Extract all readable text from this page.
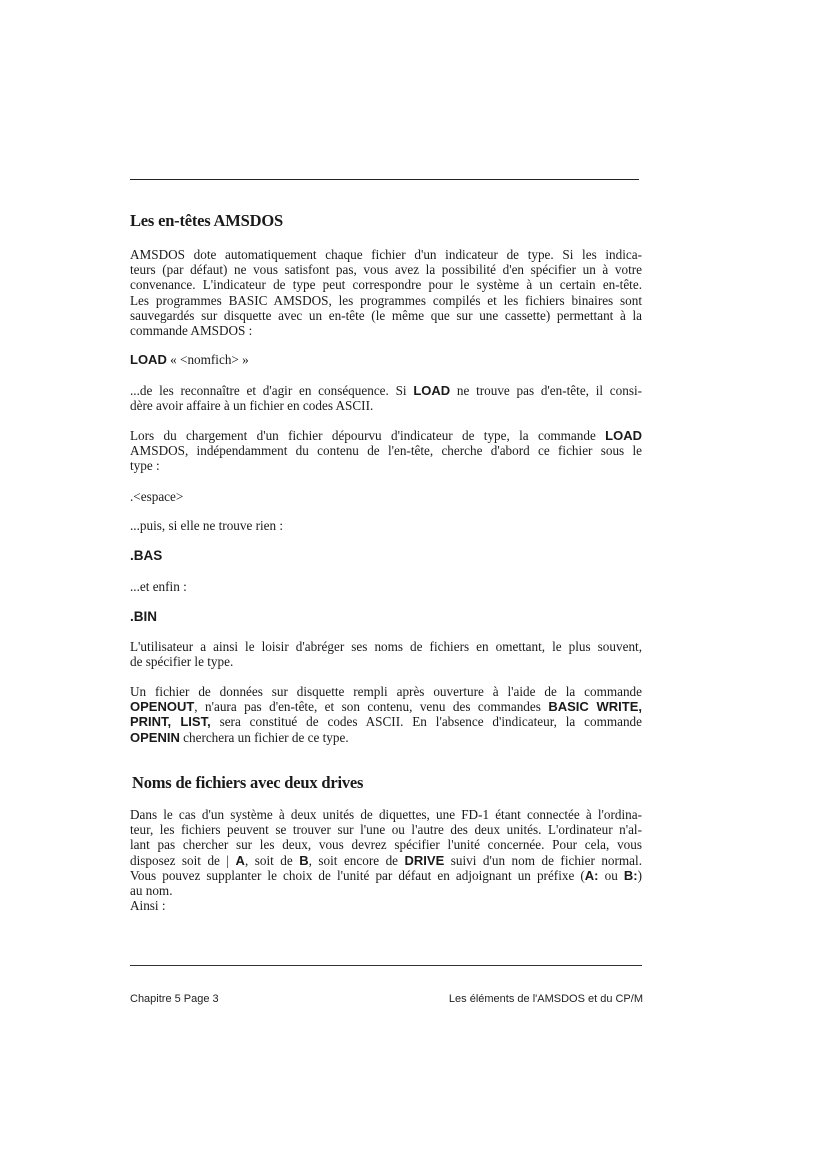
Les en-têtes AMSDOS
AMSDOS dote automatiquement chaque fichier d'un indicateur de type. Si les indica-
teurs (par défaut) ne vous satisfont pas, vous avez la possibilité d'en spécifier un à votre
convenance. L'indicateur de type peut correspondre pour le système à un certain en-tête.
Les programmes BASIC AMSDOS, les programmes compilés et les fichiers binaires sont
sauvegardés sur disquette avec un en-tête (le même que sur une cassette) permettant à la
commande AMSDOS :
LOAD « <nomfich> »
...de les reconnaître et d'agir en conséquence. Si LOAD ne trouve pas d'en-tête, il consi-
dère avoir affaire à un fichier en codes ASCII.
Lors du chargement d'un fichier dépourvu d'indicateur de type, la commande LOAD
AMSDOS, indépendamment du contenu de l'en-tête, cherche d'abord ce fichier sous le
type :
.<espace>
...puis, si elle ne trouve rien :
.BAS
...et enfin :
.BIN
L'utilisateur a ainsi le loisir d'abréger ses noms de fichiers en omettant, le plus souvent,
de spécifier le type.
Un fichier de données sur disquette rempli après ouverture à l'aide de la commande
OPENOUT, n'aura pas d'en-tête, et son contenu, venu des commandes BASIC WRITE,
PRINT, LIST, sera constitué de codes ASCII. En l'absence d'indicateur, la commande
OPENIN cherchera un fichier de ce type.
Noms de fichiers avec deux drives
Dans le cas d'un système à deux unités de diquettes, une FD-1 étant connectée à l'ordina-
teur, les fichiers peuvent se trouver sur l'une ou l'autre des deux unités. L'ordinateur n'al-
lant pas chercher sur les deux, vous devrez spécifier l'unité concernée. Pour cela, vous
disposez soit de | A, soit de B, soit encore de DRIVE suivi d'un nom de fichier normal.
Vous pouvez supplanter le choix de l'unité par défaut en adjoignant un préfixe (A: ou B:)
au nom.
Ainsi :
Chapitre 5 Page 3	Les éléments de l'AMSDOS et du CP/M
